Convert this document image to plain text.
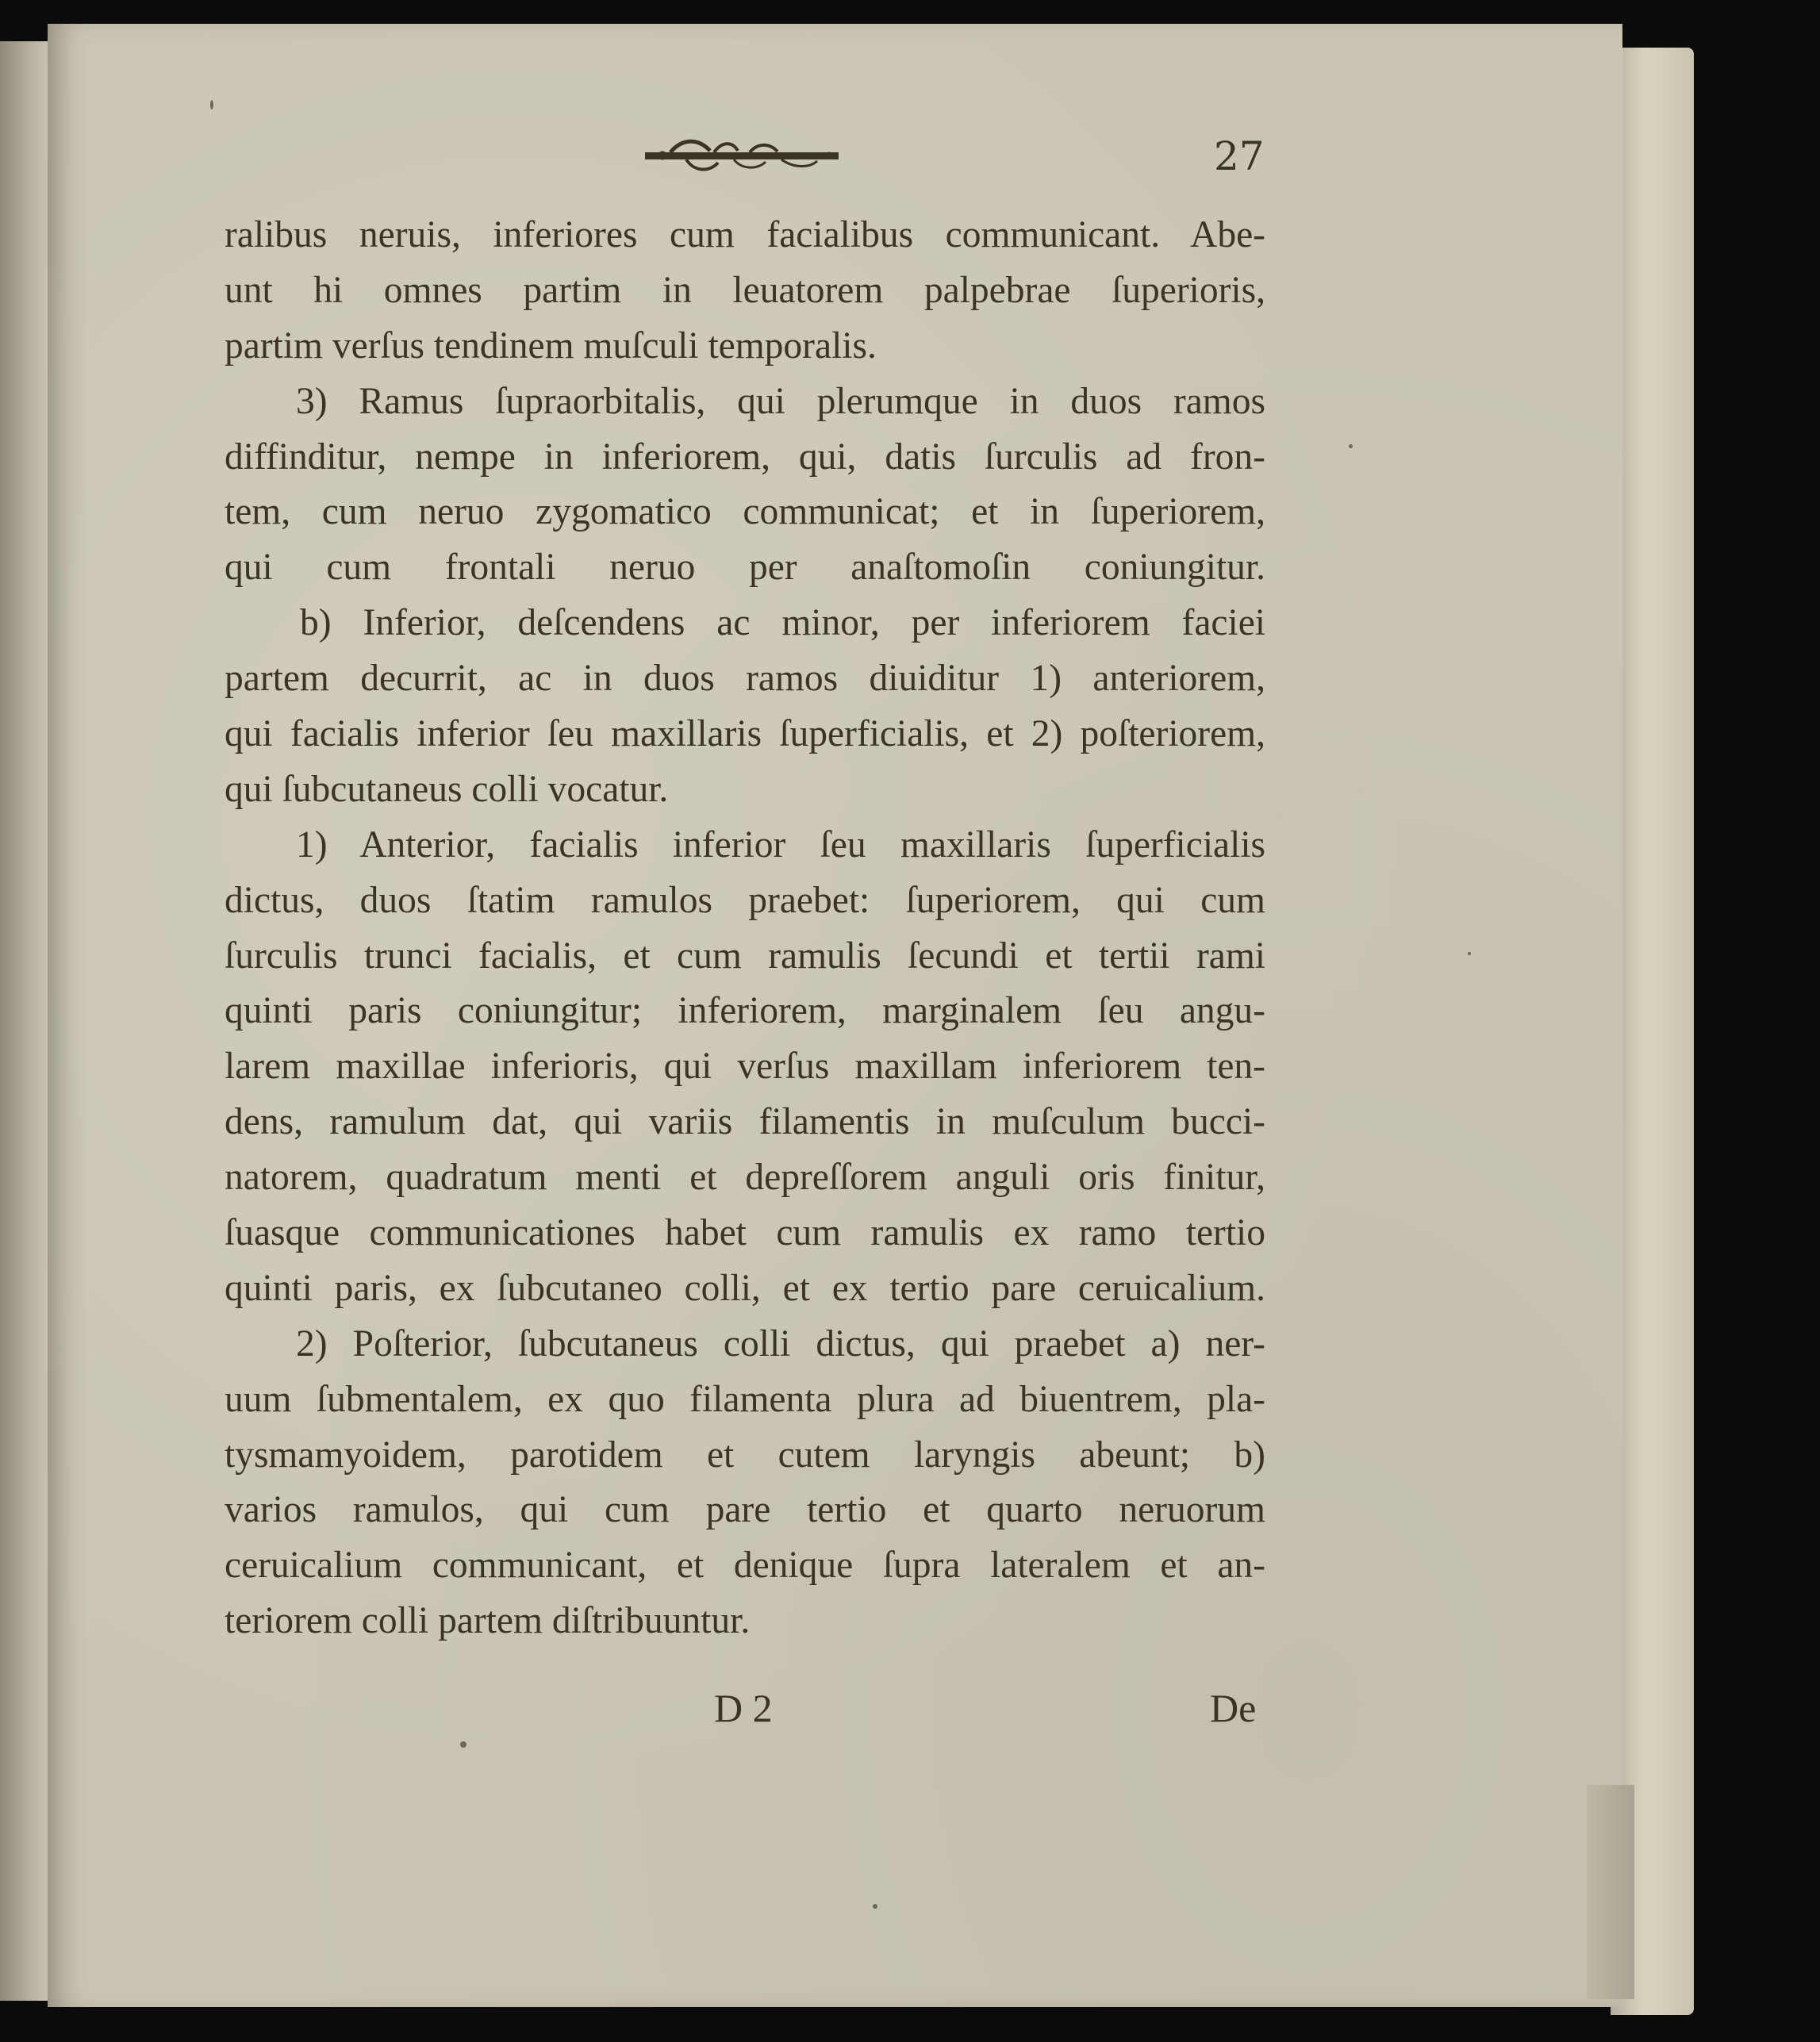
27
ralibus neruis, inferiores cum facialibus communicant. Abe-
unt hi omnes partim in leuatorem palpebrae ſuperioris,
partim verſus tendinem muſculi temporalis.
3) Ramus ſupraorbitalis, qui plerumque in duos ramos
diffinditur, nempe in inferiorem, qui, datis ſurculis ad fron-
tem, cum neruo zygomatico communicat; et in ſuperiorem,
qui cum frontali neruo per anaſtomoſin coniungitur.
b) Inferior, deſcendens ac minor, per inferiorem faciei
partem decurrit, ac in duos ramos diuiditur 1) anteriorem,
qui facialis inferior ſeu maxillaris ſuperficialis, et 2) poſteriorem,
qui ſubcutaneus colli vocatur.
1) Anterior, facialis inferior ſeu maxillaris ſuperficialis
dictus, duos ſtatim ramulos praebet: ſuperiorem, qui cum
ſurculis trunci facialis, et cum ramulis ſecundi et tertii rami
quinti paris coniungitur; inferiorem, marginalem ſeu angu-
larem maxillae inferioris, qui verſus maxillam inferiorem ten-
dens, ramulum dat, qui variis filamentis in muſculum bucci-
natorem, quadratum menti et depreſſorem anguli oris finitur,
ſuasque communicationes habet cum ramulis ex ramo tertio
quinti paris, ex ſubcutaneo colli, et ex tertio pare ceruicalium.
2) Poſterior, ſubcutaneus colli dictus, qui praebet a) ner-
uum ſubmentalem, ex quo filamenta plura ad biuentrem, pla-
tysmamyoidem, parotidem et cutem laryngis abeunt; b)
varios ramulos, qui cum pare tertio et quarto neruorum
ceruicalium communicant, et denique ſupra lateralem et an-
teriorem colli partem diſtribuuntur.
D 2	De
